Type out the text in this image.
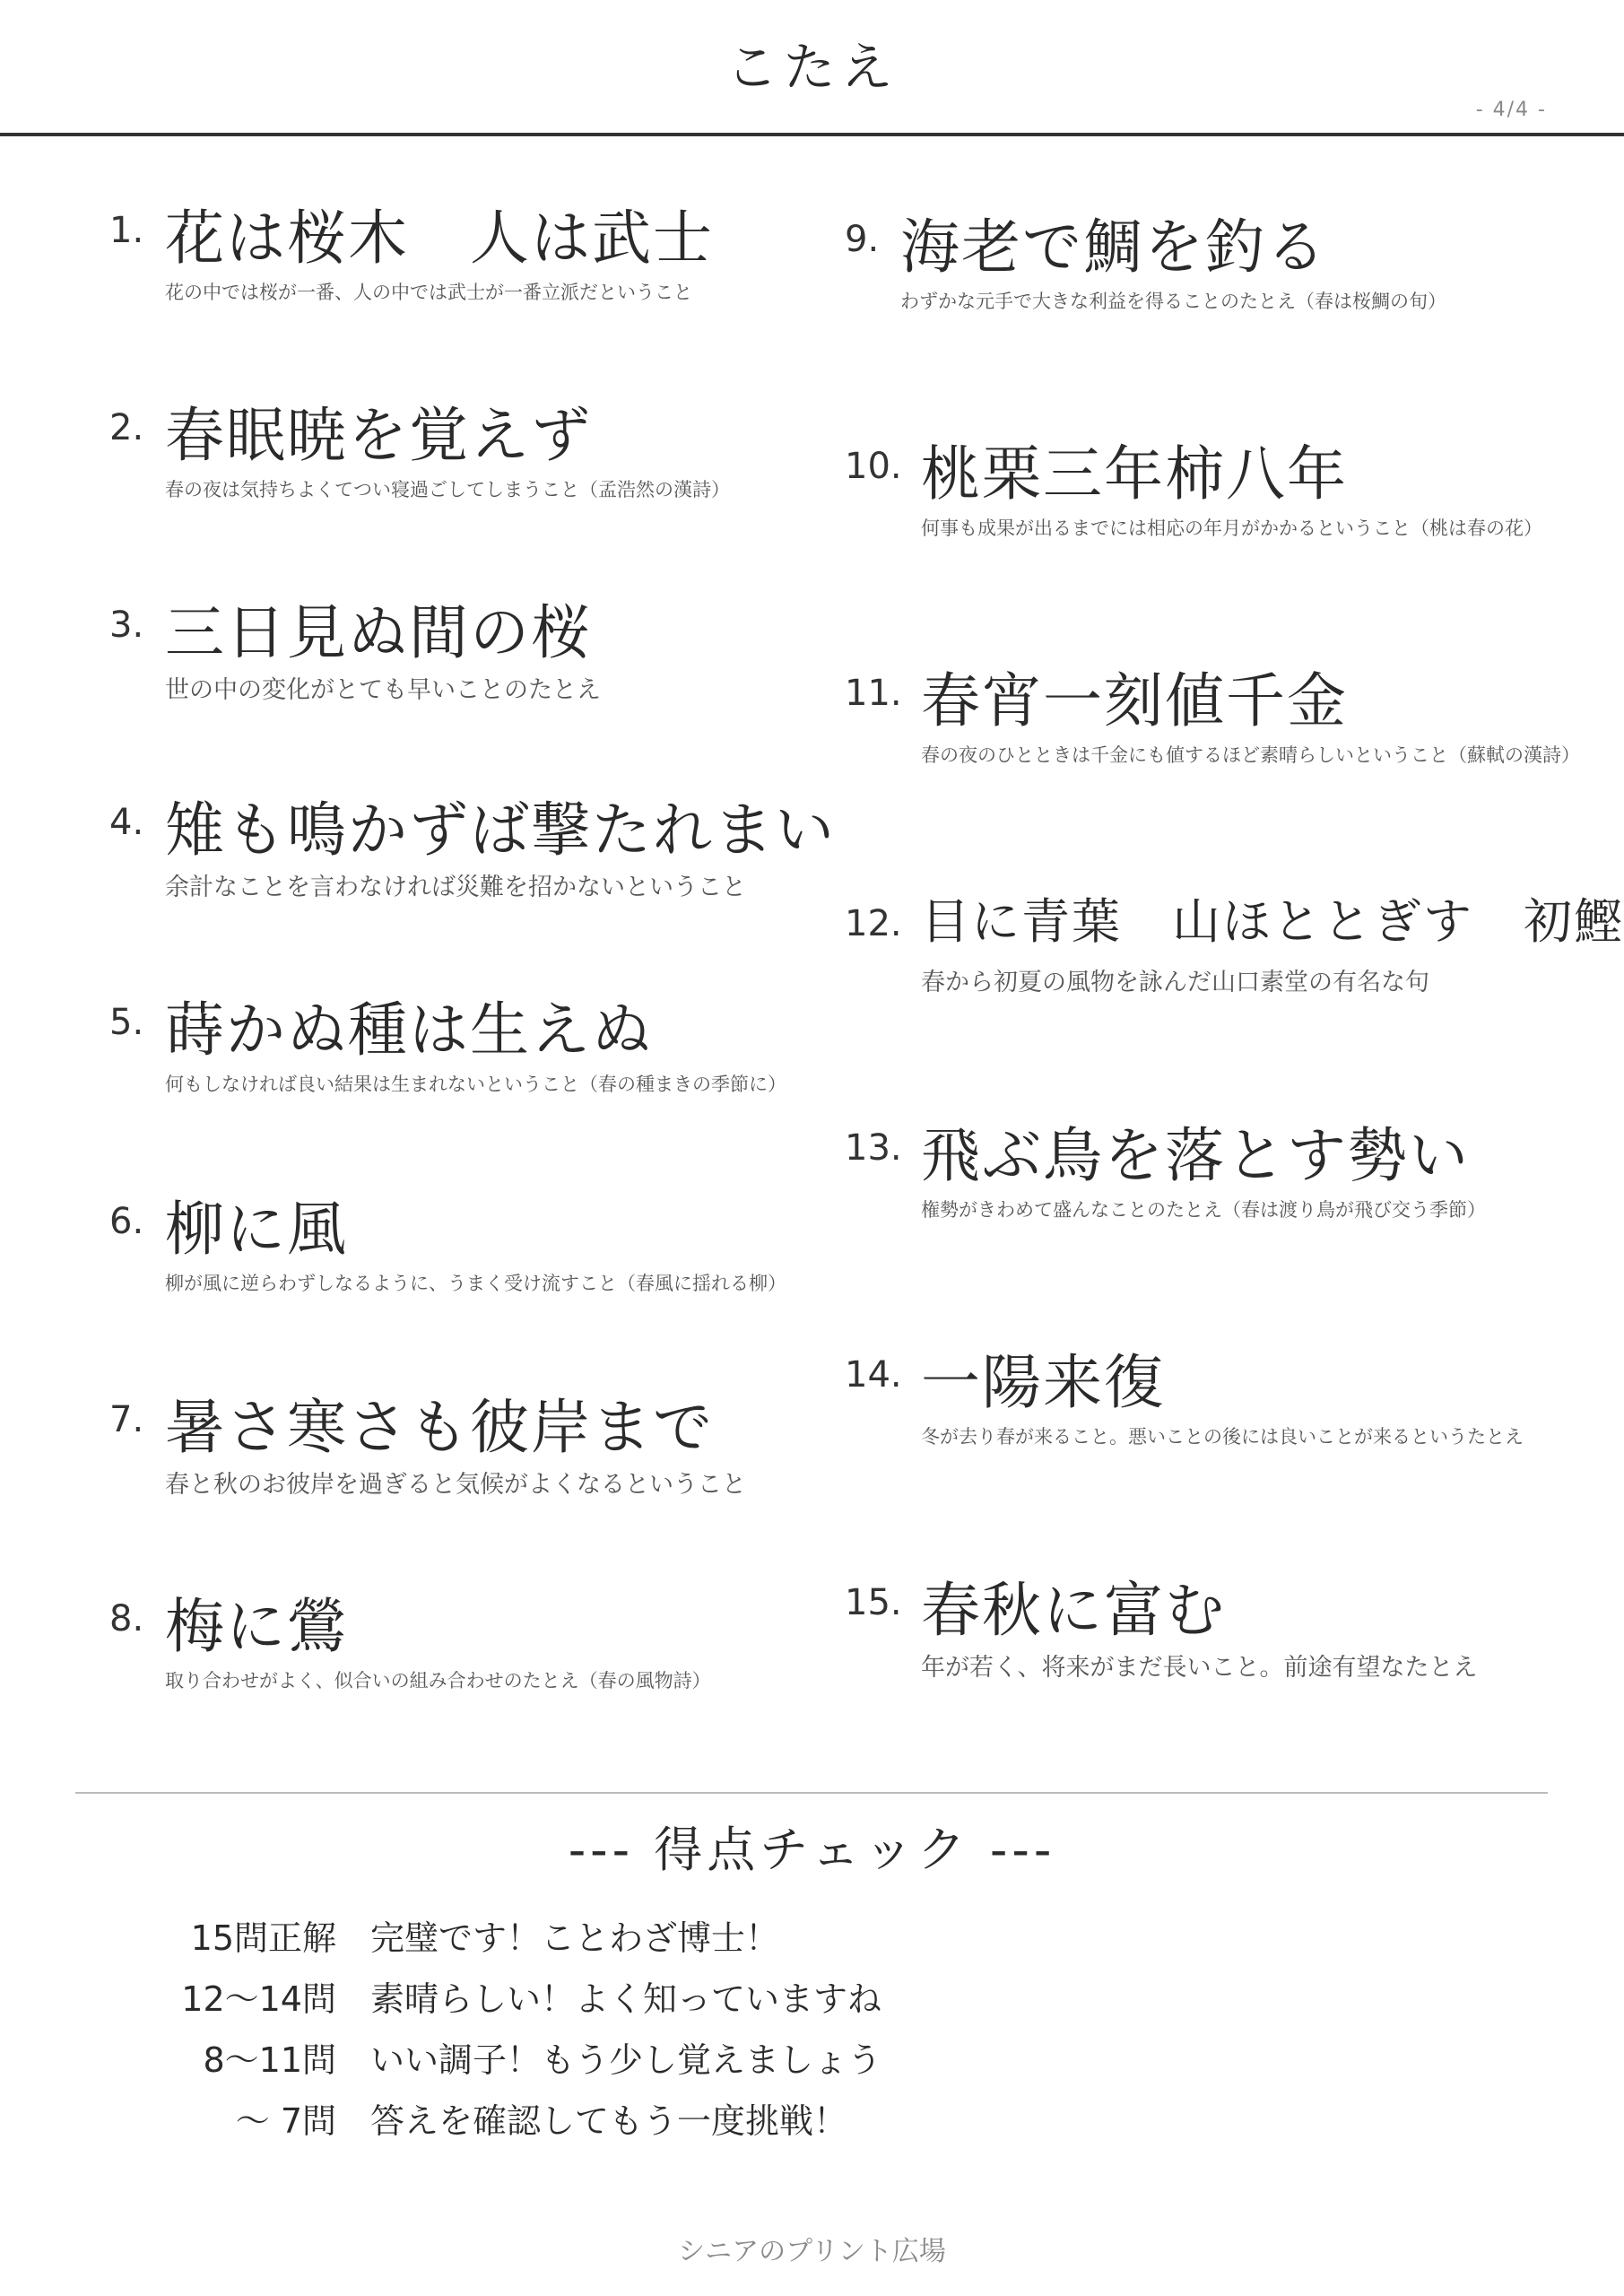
こたえ
- 4/4 -
1. 花は桜木　人は武士
花の中では桜が一番、人の中では武士が一番立派だということ
2. 春眠暁を覚えず
春の夜は気持ちよくてつい寝過ごしてしまうこと（孟浩然の漢詩）
3. 三日見ぬ間の桜
世の中の変化がとても早いことのたとえ
4. 雉も鳴かずば撃たれまい
余計なことを言わなければ災難を招かないということ
5. 蒔かぬ種は生えぬ
何もしなければ良い結果は生まれないということ（春の種まきの季節に）
6. 柳に風
柳が風に逆らわずしなるように、うまく受け流すこと（春風に揺れる柳）
7. 暑さ寒さも彼岸まで
春と秋のお彼岸を過ぎると気候がよくなるということ
8. 梅に鶯
取り合わせがよく、似合いの組み合わせのたとえ（春の風物詩）
9. 海老で鯛を釣る
わずかな元手で大きな利益を得ることのたとえ（春は桜鯛の旬）
10. 桃栗三年柿八年
何事も成果が出るまでには相応の年月がかかるということ（桃は春の花）
11. 春宵一刻値千金
春の夜のひとときは千金にも値するほど素晴らしいということ（蘇軾の漢詩）
12. 目に青葉　山ほととぎす　初鰹
春から初夏の風物を詠んだ山口素堂の有名な句
13. 飛ぶ鳥を落とす勢い
権勢がきわめて盛んなことのたとえ（春は渡り鳥が飛び交う季節）
14. 一陽来復
冬が去り春が来ること。悪いことの後には良いことが来るというたとえ
15. 春秋に富む
年が若く、将来がまだ長いこと。前途有望なたとえ
--- 得点チェック ---
15問正解 完璧です！ことわざ博士！
12〜14問 素晴らしい！よく知っていますね
8〜11問 いい調子！もう少し覚えましょう
〜 7問 答えを確認してもう一度挑戦！
シニアのプリント広場
